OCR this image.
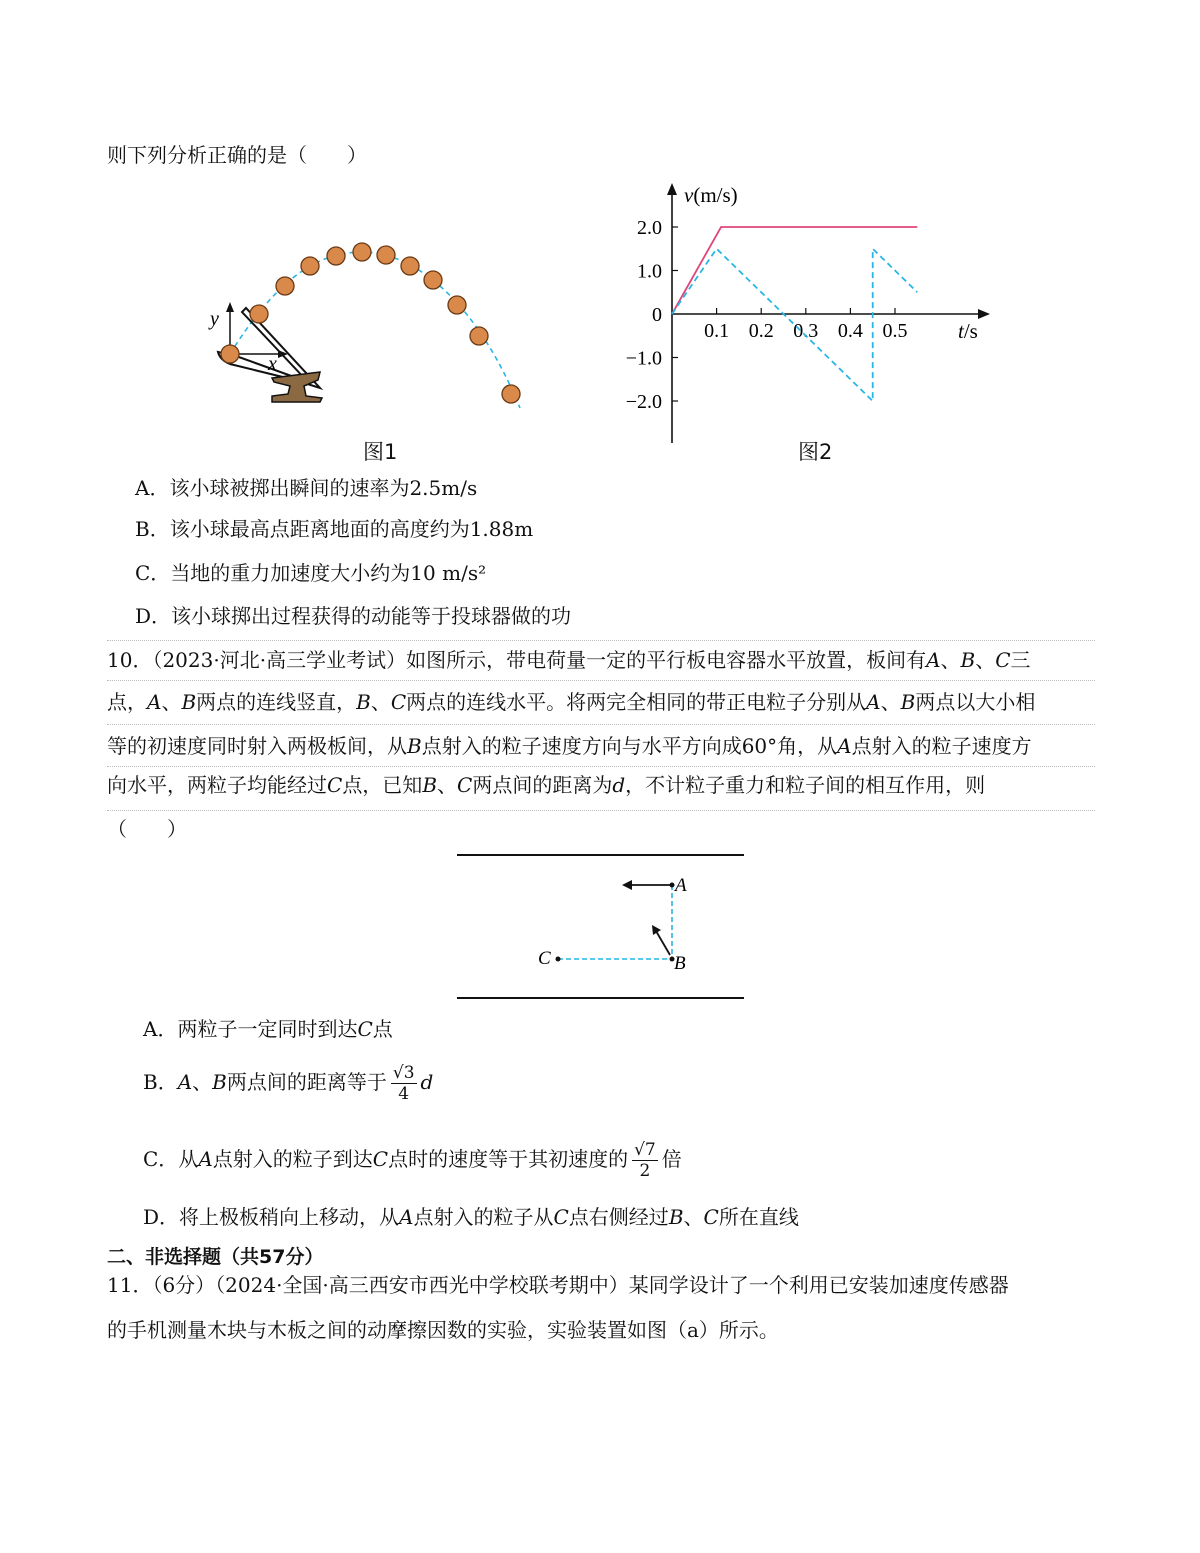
则下列分析正确的是（　　）
y
x
图1
2.0
1.0
0
−1.0
−2.0
0.1 0.2 0.3 0.4 0.5
v(m/s)
t/s
图2
A．该小球被掷出瞬间的速率为2.5m/s
B．该小球最高点距离地面的高度约为1.88m
C．当地的重力加速度大小约为10 m/s²
D．该小球掷出过程获得的动能等于投球器做的功
10．（2023·河北·高三学业考试）如图所示，带电荷量一定的平行板电容器水平放置，板间有A、B、C三
点，A、B两点的连线竖直，B、C两点的连线水平。将两完全相同的带正电粒子分别从A、B两点以大小相
等的初速度同时射入两极板间，从B点射入的粒子速度方向与水平方向成60°角，从A点射入的粒子速度方
向水平，两粒子均能经过C点，已知B、C两点间的距离为d，不计粒子重力和粒子间的相互作用，则
（　　）
A
B
C
A．两粒子一定同时到达C点
B．A、B两点间的距离等于 $\frac{√3}{4}$ d
C．从A点射入的粒子到达C点时的速度等于其初速度的 $\frac{√7}{2}$ 倍
D．将上极板稍向上移动，从A点射入的粒子从C点右侧经过B、C所在直线
二、非选择题（共57分）
11．（6分）（2024·全国·高三西安市西光中学校联考期中）某同学设计了一个利用已安装加速度传感器
的手机测量木块与木板之间的动摩擦因数的实验，实验装置如图（a）所示。
